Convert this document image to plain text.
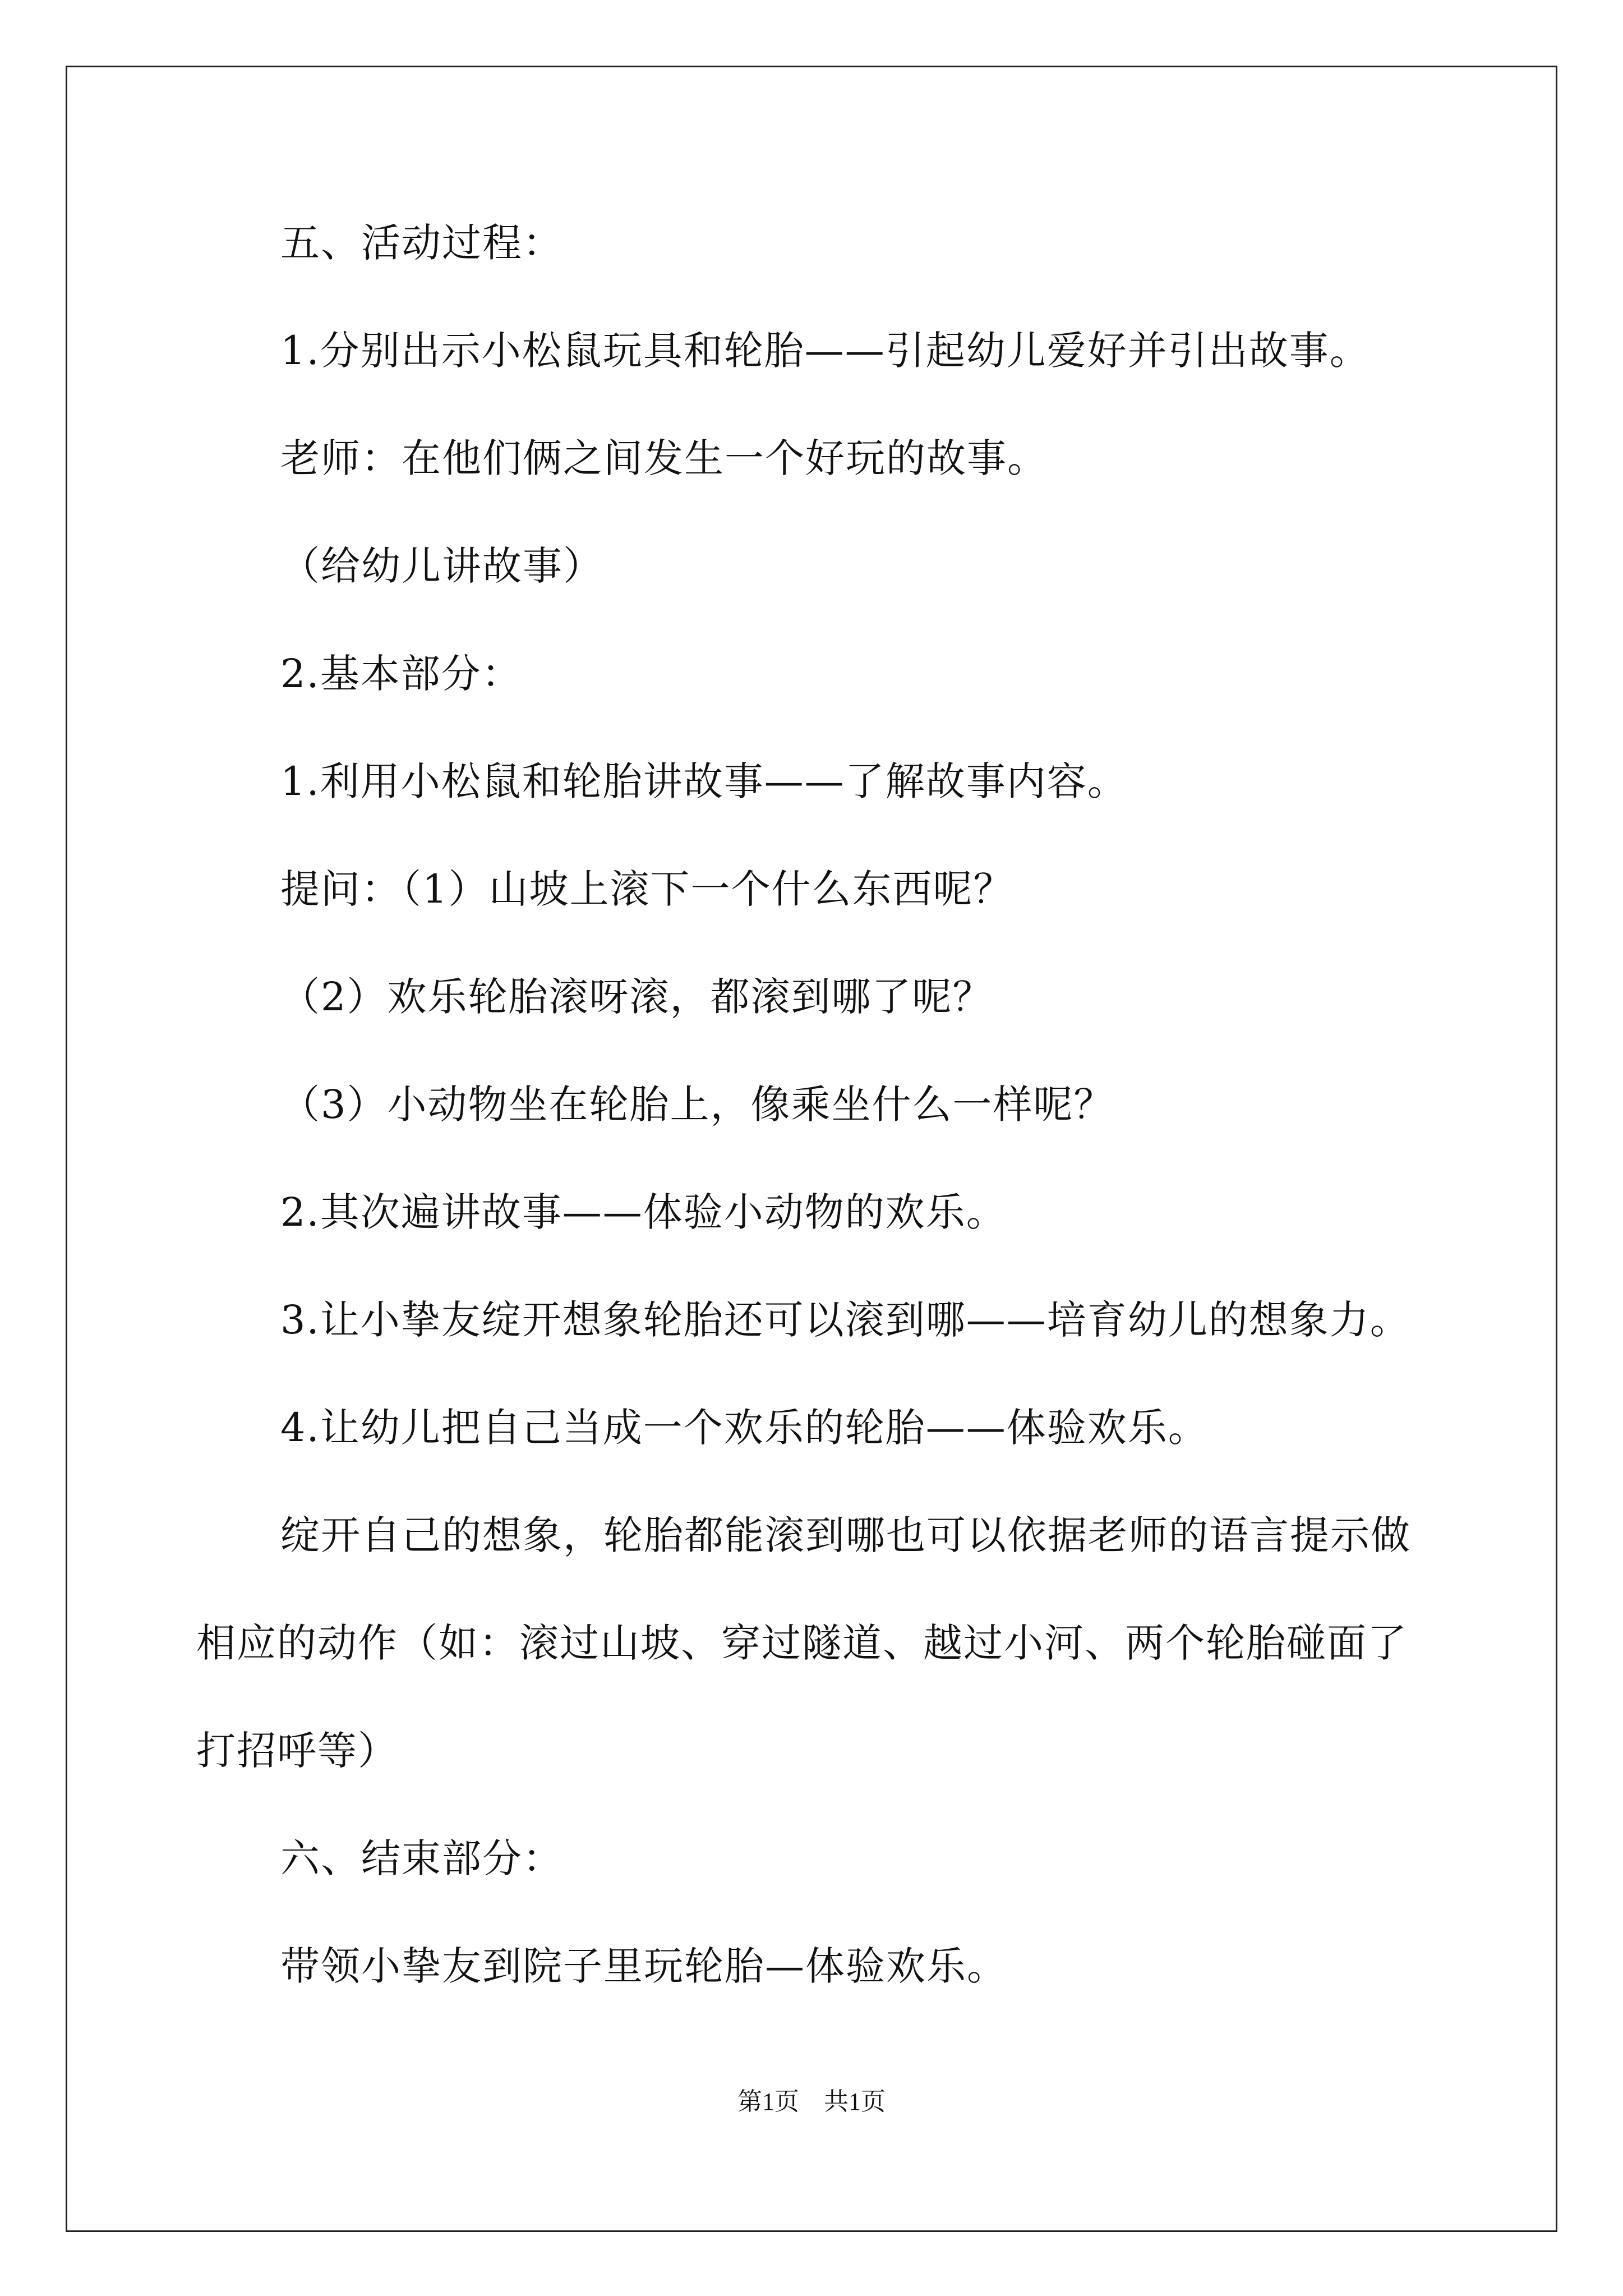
五、活动过程：

1.分别出示小松鼠玩具和轮胎——引起幼儿爱好并引出故事。

老师：在他们俩之间发生一个好玩的故事。

（给幼儿讲故事）

2.基本部分：

1.利用小松鼠和轮胎讲故事——了解故事内容。

提问：（1）山坡上滚下一个什么东西呢？

（2）欢乐轮胎滚呀滚，都滚到哪了呢？

（3）小动物坐在轮胎上，像乘坐什么一样呢？

2.其次遍讲故事——体验小动物的欢乐。

3.让小挚友绽开想象轮胎还可以滚到哪——培育幼儿的想象力。

4.让幼儿把自己当成一个欢乐的轮胎——体验欢乐。

绽开自己的想象，轮胎都能滚到哪也可以依据老师的语言提示做
相应的动作（如：滚过山坡、穿过隧道、越过小河、两个轮胎碰面了
打招呼等）

六、结束部分：

带领小挚友到院子里玩轮胎—体验欢乐。

第1页　共1页
